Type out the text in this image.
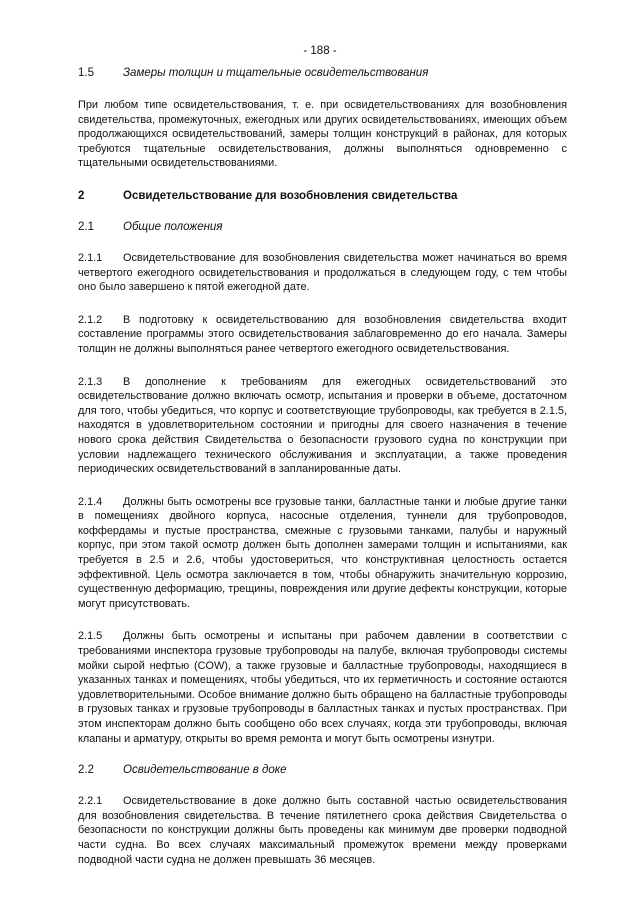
- 188 -
1.5	Замеры толщин и тщательные освидетельствования

При любом типе освидетельствования, т. е. при освидетельствованиях для возобновления свидетельства, промежуточных, ежегодных или других освидетельствованиях, имеющих объем продолжающихся освидетельствований, замеры толщин конструкций в районах, для которых требуются тщательные освидетельствования, должны выполняться одновременно с тщательными освидетельствованиями.

2	Освидетельствование для возобновления свидетельства
2.1	Общие положения

2.1.1 Освидетельствование для возобновления свидетельства может начинаться во время четвертого ежегодного освидетельствования и продолжаться в следующем году, с тем чтобы оно было завершено к пятой ежегодной дате.

2.1.2 В подготовку к освидетельствованию для возобновления свидетельства входит составление программы этого освидетельствования заблаговременно до его начала. Замеры толщин не должны выполняться ранее четвертого ежегодного освидетельствования.

2.1.3 В дополнение к требованиям для ежегодных освидетельствований это освидетельствование должно включать осмотр, испытания и проверки в объеме, достаточном для того, чтобы убедиться, что корпус и соответствующие трубопроводы, как требуется в 2.1.5, находятся в удовлетворительном состоянии и пригодны для своего назначения в течение нового срока действия Свидетельства о безопасности грузового судна по конструкции при условии надлежащего технического обслуживания и эксплуатации, а также проведения периодических освидетельствований в запланированные даты.

2.1.4 Должны быть осмотрены все грузовые танки, балластные танки и любые другие танки в помещениях двойного корпуса, насосные отделения, туннели для трубопроводов, коффердамы и пустые пространства, смежные с грузовыми танками, палубы и наружный корпус, при этом такой осмотр должен быть дополнен замерами толщин и испытаниями, как требуется в 2.5 и 2.6, чтобы удостовериться, что конструктивная целостность остается эффективной. Цель осмотра заключается в том, чтобы обнаружить значительную коррозию, существенную деформацию, трещины, повреждения или другие дефекты конструкции, которые могут присутствовать.

2.1.5 Должны быть осмотрены и испытаны при рабочем давлении в соответствии с требованиями инспектора грузовые трубопроводы на палубе, включая трубопроводы системы мойки сырой нефтью (COW), а также грузовые и балластные трубопроводы, находящиеся в указанных танках и помещениях, чтобы убедиться, что их герметичность и состояние остаются удовлетворительными. Особое внимание должно быть обращено на балластные трубопроводы в грузовых танках и грузовые трубопроводы в балластных танках и пустых пространствах. При этом инспекторам должно быть сообщено обо всех случаях, когда эти трубопроводы, включая клапаны и арматуру, открыты во время ремонта и могут быть осмотрены изнутри.

2.2	Освидетельствование в доке

2.2.1 Освидетельствование в доке должно быть составной частью освидетельствования для возобновления свидетельства. В течение пятилетнего срока действия Свидетельства о безопасности по конструкции должны быть проведены как минимум две проверки подводной части судна. Во всех случаях максимальный промежуток времени между проверками подводной части судна не должен превышать 36 месяцев.
